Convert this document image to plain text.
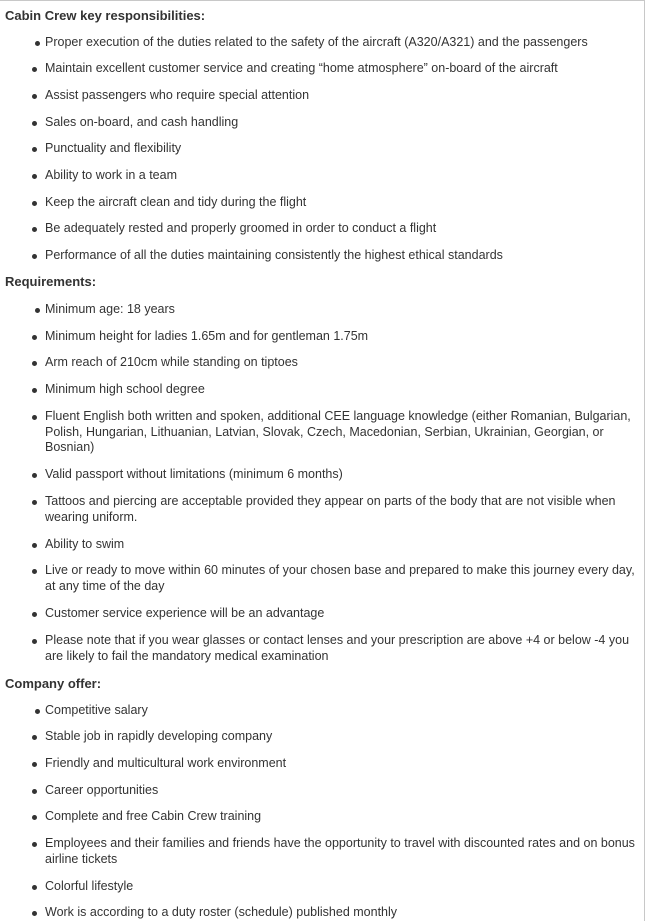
Cabin Crew key responsibilities:
Proper execution of the duties related to the safety of the aircraft (A320/A321) and the passengers
Maintain excellent customer service and creating “home atmosphere” on-board of the aircraft
Assist passengers who require special attention
Sales on-board, and cash handling
Punctuality and flexibility
Ability to work in a team
Keep the aircraft clean and tidy during the flight
Be adequately rested and properly groomed in order to conduct a flight
Performance of all the duties maintaining consistently the highest ethical standards
Requirements:
Minimum age: 18 years
Minimum height for ladies 1.65m and for gentleman 1.75m
Arm reach of 210cm while standing on tiptoes
Minimum high school degree
Fluent English both written and spoken, additional CEE language knowledge (either Romanian, Bulgarian, Polish, Hungarian, Lithuanian, Latvian, Slovak, Czech, Macedonian, Serbian, Ukrainian, Georgian, or Bosnian)
Valid passport without limitations (minimum 6 months)
Tattoos and piercing are acceptable provided they appear on parts of the body that are not visible when wearing uniform.
Ability to swim
Live or ready to move within 60 minutes of your chosen base and prepared to make this journey every day, at any time of the day
Customer service experience will be an advantage
Please note that if you wear glasses or contact lenses and your prescription are above +4 or below -4 you are likely to fail the mandatory medical examination
Company offer:
Competitive salary
Stable job in rapidly developing company
Friendly and multicultural work environment
Career opportunities
Complete and free Cabin Crew training
Employees and their families and friends have the opportunity to travel with discounted rates and on bonus airline tickets
Colorful lifestyle
Work is according to a duty roster (schedule) published monthly
